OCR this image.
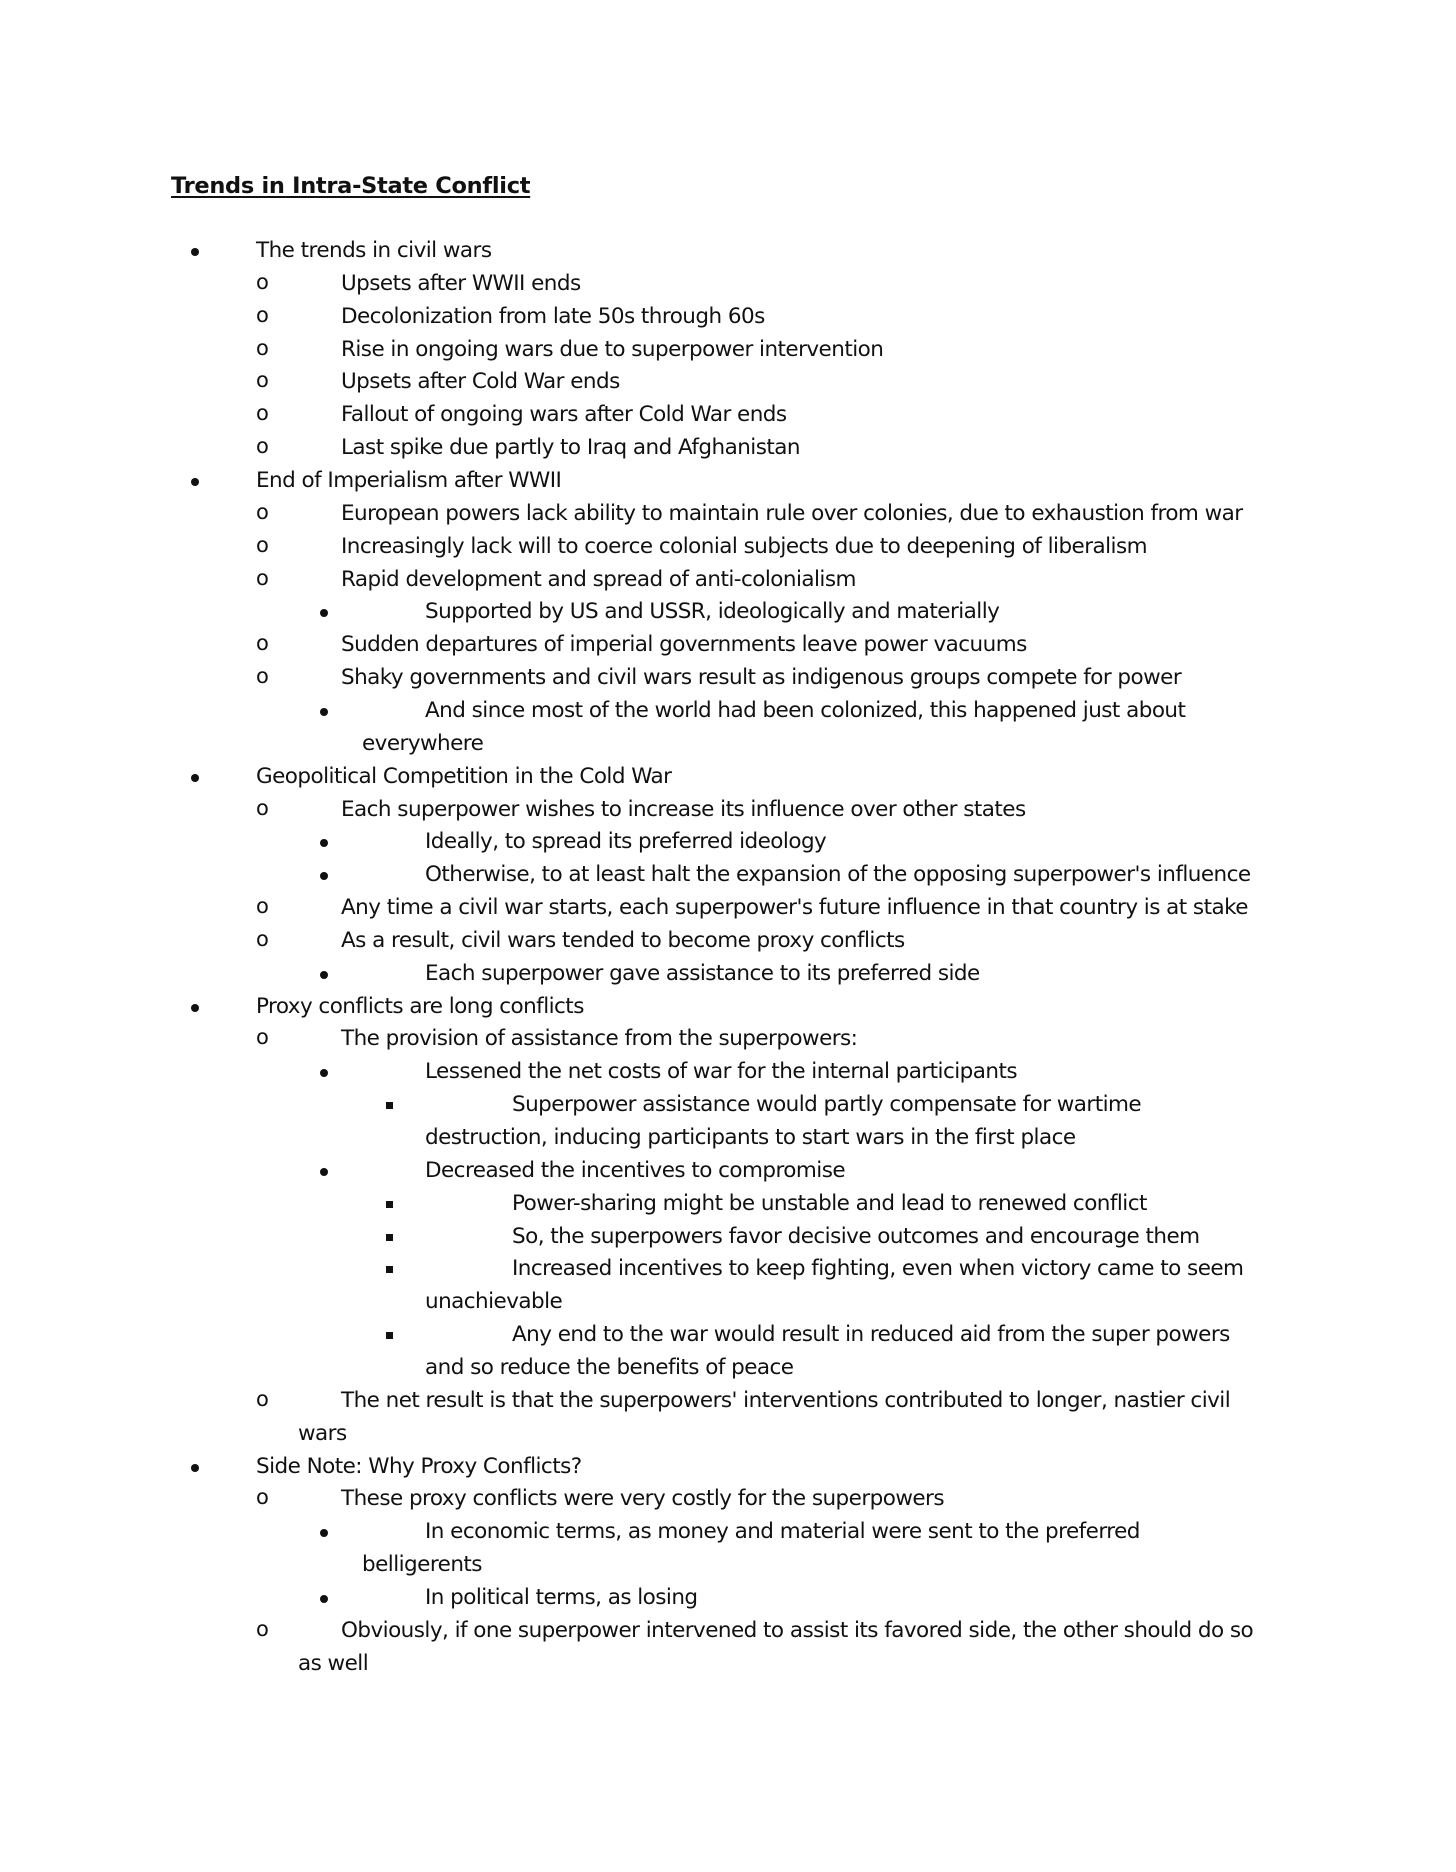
Trends in Intra-State Conflict
The trends in civil wars
o	Upsets after WWII ends
o	Decolonization from late 50s through 60s
o	Rise in ongoing wars due to superpower intervention
o	Upsets after Cold War ends
o	Fallout of ongoing wars after Cold War ends
o	Last spike due partly to Iraq and Afghanistan
End of Imperialism after WWII
o	European powers lack ability to maintain rule over colonies, due to exhaustion from war
o	Increasingly lack will to coerce colonial subjects due to deepening of liberalism
o	Rapid development and spread of anti-colonialism
Supported by US and USSR, ideologically and materially
o	Sudden departures of imperial governments leave power vacuums
o	Shaky governments and civil wars result as indigenous groups compete for power
And since most of the world had been colonized, this happened just about
everywhere
Geopolitical Competition in the Cold War
o	Each superpower wishes to increase its influence over other states
Ideally, to spread its preferred ideology
Otherwise, to at least halt the expansion of the opposing superpower's influence
o	Any time a civil war starts, each superpower's future influence in that country is at stake
o	As a result, civil wars tended to become proxy conflicts
Each superpower gave assistance to its preferred side
Proxy conflicts are long conflicts
o	The provision of assistance from the superpowers:
Lessened the net costs of war for the internal participants
Superpower assistance would partly compensate for wartime
destruction, inducing participants to start wars in the first place
Decreased the incentives to compromise
Power-sharing might be unstable and lead to renewed conflict
So, the superpowers favor decisive outcomes and encourage them
Increased incentives to keep fighting, even when victory came to seem
unachievable
Any end to the war would result in reduced aid from the super powers
and so reduce the benefits of peace
o	The net result is that the superpowers' interventions contributed to longer, nastier civil
wars
Side Note: Why Proxy Conflicts?
o	These proxy conflicts were very costly for the superpowers
In economic terms, as money and material were sent to the preferred
belligerents
In political terms, as losing
o	Obviously, if one superpower intervened to assist its favored side, the other should do so
as well
